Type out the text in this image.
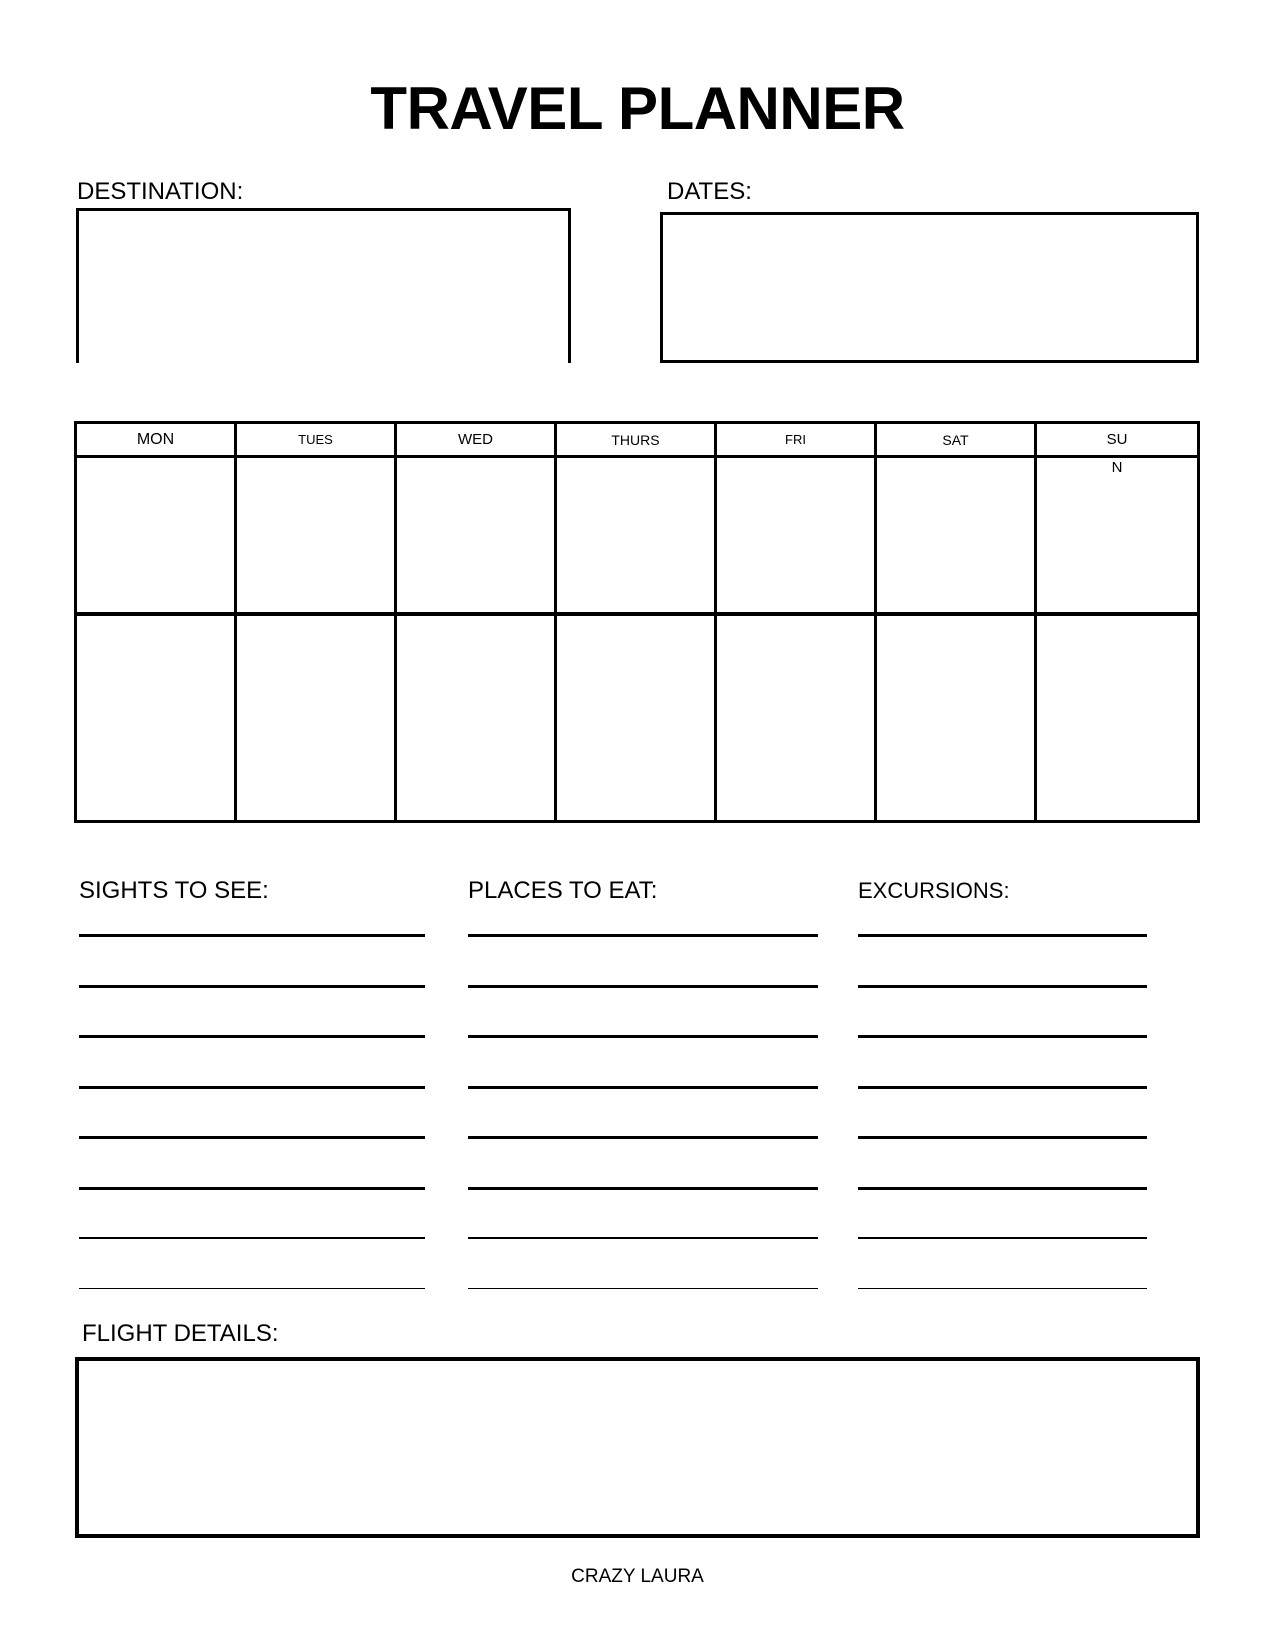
TRAVEL PLANNER
DESTINATION:	DATES:
MON	TUES	WED	THURS	FRI	SAT	SU
N
SIGHTS TO SEE:	PLACES TO EAT:	EXCURSIONS:
FLIGHT DETAILS:
CRAZY LAURA
